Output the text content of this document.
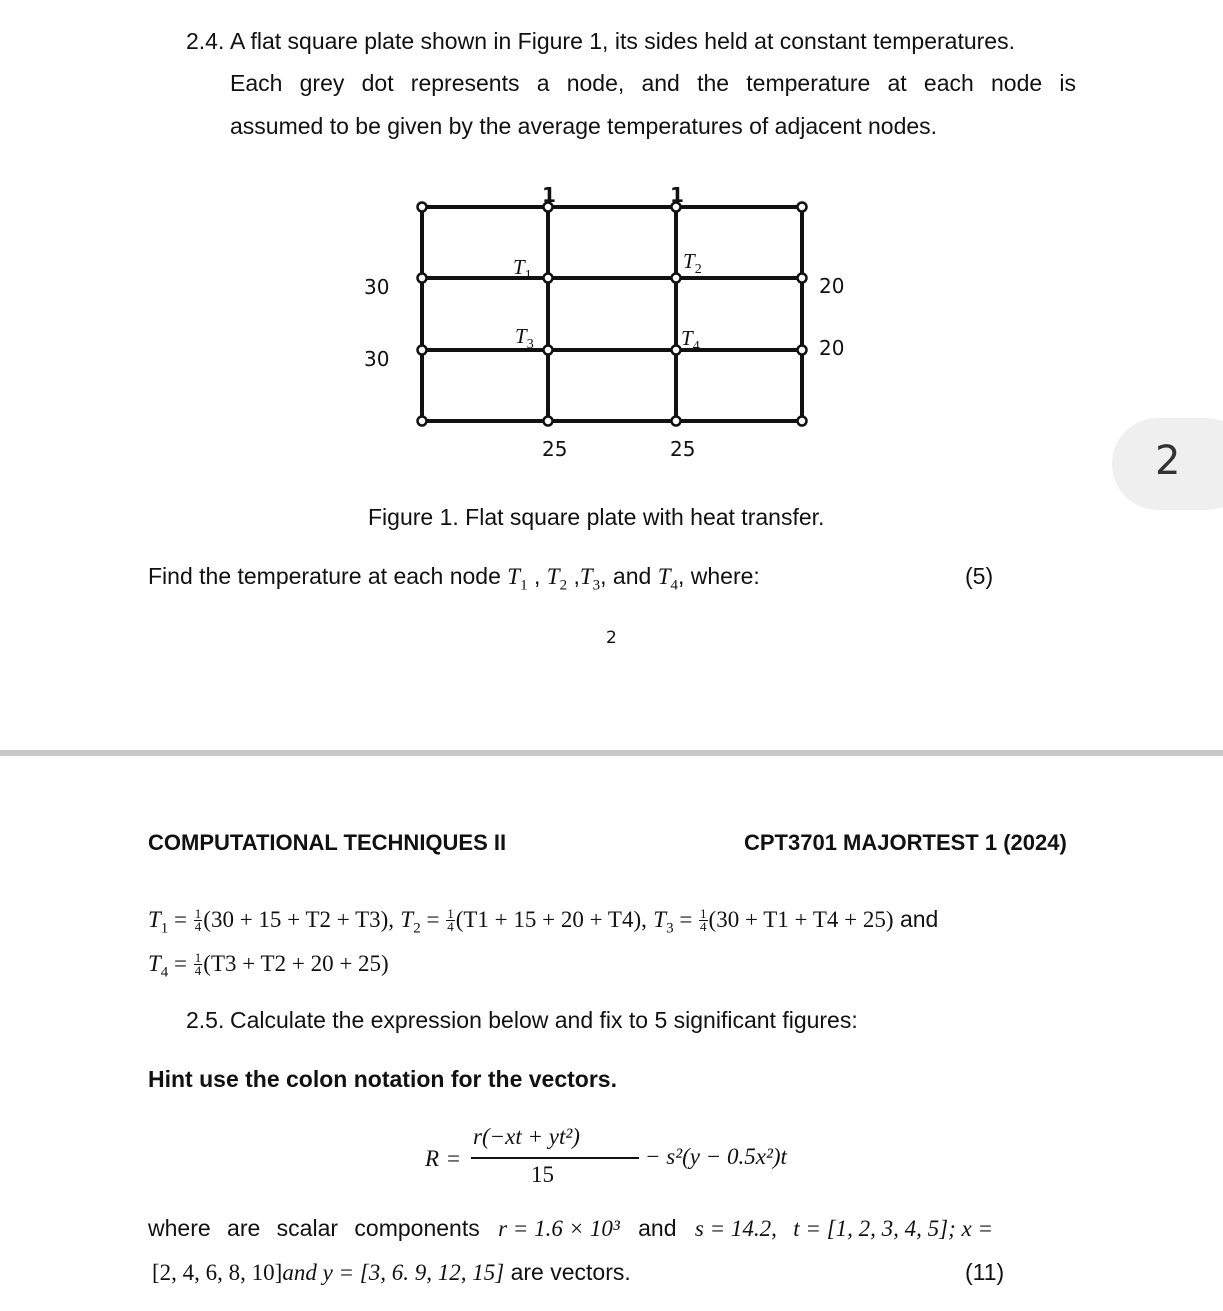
2.4. A flat square plate shown in Figure 1, its sides held at constant temperatures.
Each grey dot represents a node, and the temperature at each node is
assumed to be given by the average temperatures of adjacent nodes.
30
30
20
20
25	25
1	1
$T_1$
$T_2$
$T_3$	$T_4$
Figure 1. Flat square plate with heat transfer.
Find the temperature at each node $T_1$ , $T_2$ $,T_3$, and $T_4$, where:	(5)
2
2
COMPUTATIONAL TECHNIQUES II	CPT3701 MAJORTEST 1 (2024)
$T_1 = \frac{1}{4} (30 + 15 + T2 + T3)$, $T_2 = \frac{1}{4} (T1 + 15 + 20 + T4)$, $T_3 = \frac{1}{4} (30 + T1 + T4 + 25)$ and
$T_4 = \frac{1}{4} (T3 + T2 + 20 + 25)$
2.5. Calculate the expression below and fix to 5 significant figures:
Hint use the colon notation for the vectors.
R =
r(−xt + yt²)
15
− s²(y − 0.5x²)t
where are scalar components r = 1.6 × 10³ and s = 14.2, t = [1, 2, 3, 4, 5]; x =
[2, 4, 6, 8, 10]and y = [3, 6. 9, 12, 15] are vectors.	(11)
